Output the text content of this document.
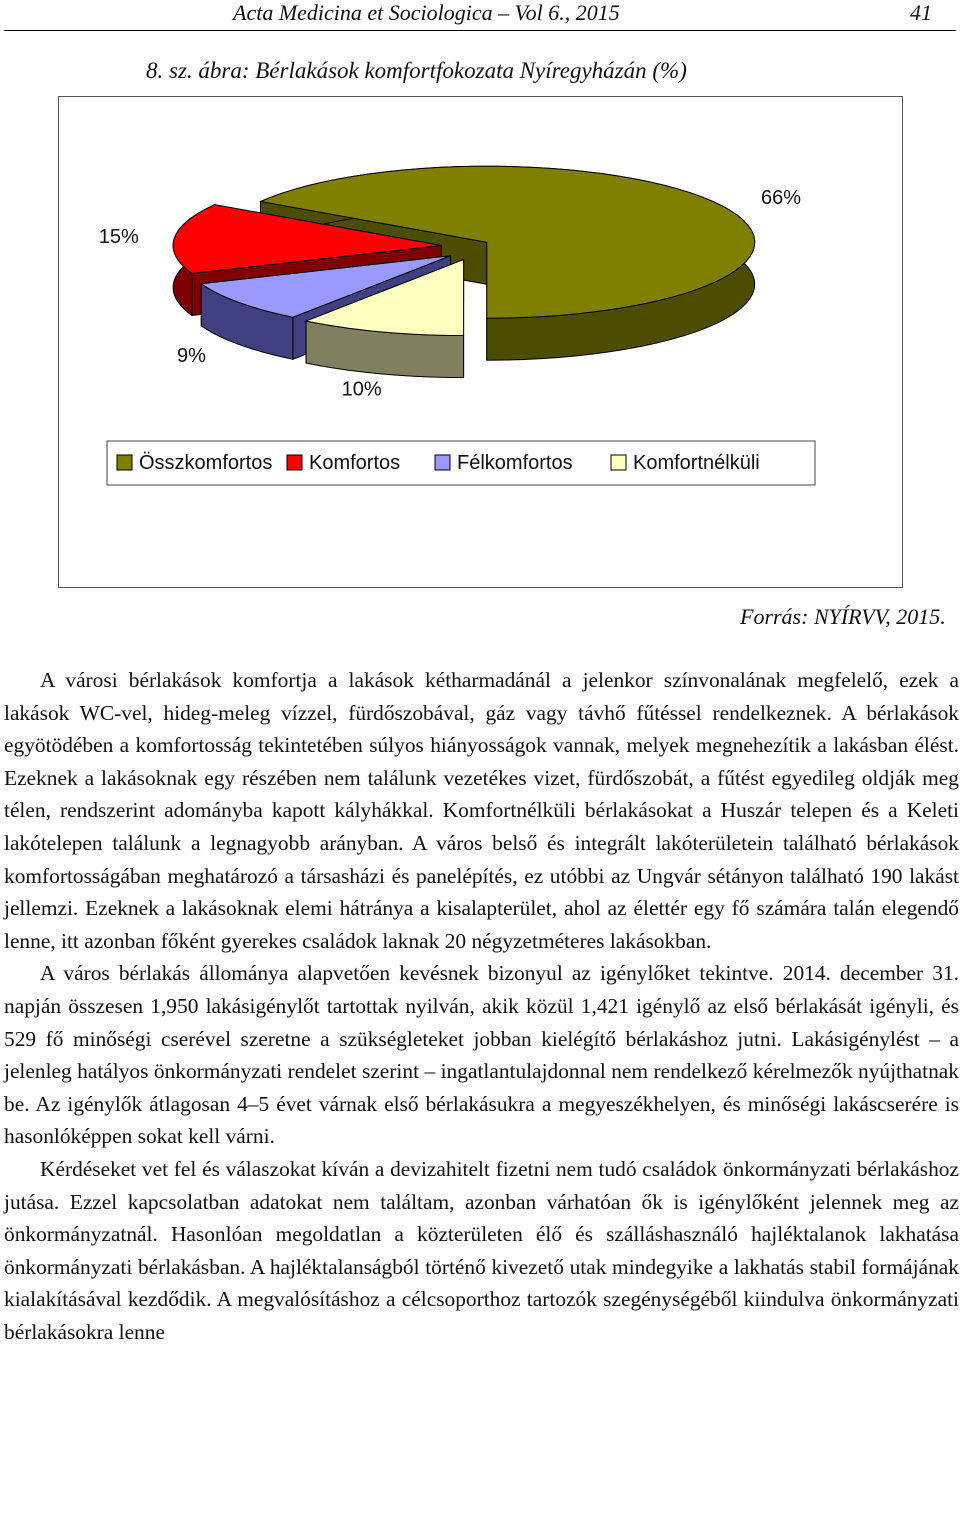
Acta Medicina et Sociologica – Vol 6., 2015	41
8. sz. ábra: Bérlakások komfortfokozata Nyíregyházán (%)
66%
15%
9%
10%
Összkomfortos Komfortos	Félkomfortos	Komfortnélküli
Forrás: NYÍRVV, 2015.

A városi bérlakások komfortja a lakások kétharmadánál a jelenkor színvonalának megfelelő, ezek a lakások WC-vel, hideg-meleg vízzel, fürdőszobával, gáz vagy távhő fűtéssel rendelkeznek. A bérlakások egyötödében a komfortosság tekintetében súlyos hiányosságok vannak, melyek megnehezítik a lakásban élést. Ezeknek a lakásoknak egy részében nem találunk vezetékes vizet, fürdőszobát, a fűtést egyedileg oldják meg télen, rendszerint adományba kapott kályhákkal. Komfortnélküli bérlakásokat a Huszár telepen és a Keleti lakótelepen találunk a legnagyobb arányban. A város belső és integrált lakóterületein található bérlakások komfortosságában meghatározó a társasházi és panelépítés, ez utóbbi az Ungvár sétányon található 190 lakást jellemzi. Ezeknek a lakásoknak elemi hátránya a kisalapterület, ahol az élettér egy fő számára talán elegendő lenne, itt azonban főként gyerekes családok laknak 20 négyzetméteres lakásokban.

A város bérlakás állománya alapvetően kevésnek bizonyul az igénylőket tekintve. 2014. december 31. napján összesen 1,950 lakásigénylőt tartottak nyilván, akik közül 1,421 igénylő az első bérlakását igényli, és 529 fő minőségi cserével szeretne a szükségleteket jobban kielégítő bérlakáshoz jutni. Lakásigénylést – a jelenleg hatályos önkormányzati rendelet szerint – ingatlantulajdonnal nem rendelkező kérelmezők nyújthatnak be. Az igénylők átlagosan 4–5 évet várnak első bérlakásukra a megyeszékhelyen, és minőségi lakáscserére is hasonlóképpen sokat kell várni.

Kérdéseket vet fel és válaszokat kíván a devizahitelt fizetni nem tudó családok önkormányzati bérlakáshoz jutása. Ezzel kapcsolatban adatokat nem találtam, azonban várhatóan ők is igénylőként jelennek meg az önkormányzatnál. Hasonlóan megoldatlan a közterületen élő és szálláshasználó hajléktalanok lakhatása önkormányzati bérlakásban. A hajléktalanságból történő kivezető utak mindegyike a lakhatás stabil formájának kialakításával kezdődik. A megvalósításhoz a célcsoporthoz tartozók szegénységéből kiindulva önkormányzati bérlakásokra lenne
